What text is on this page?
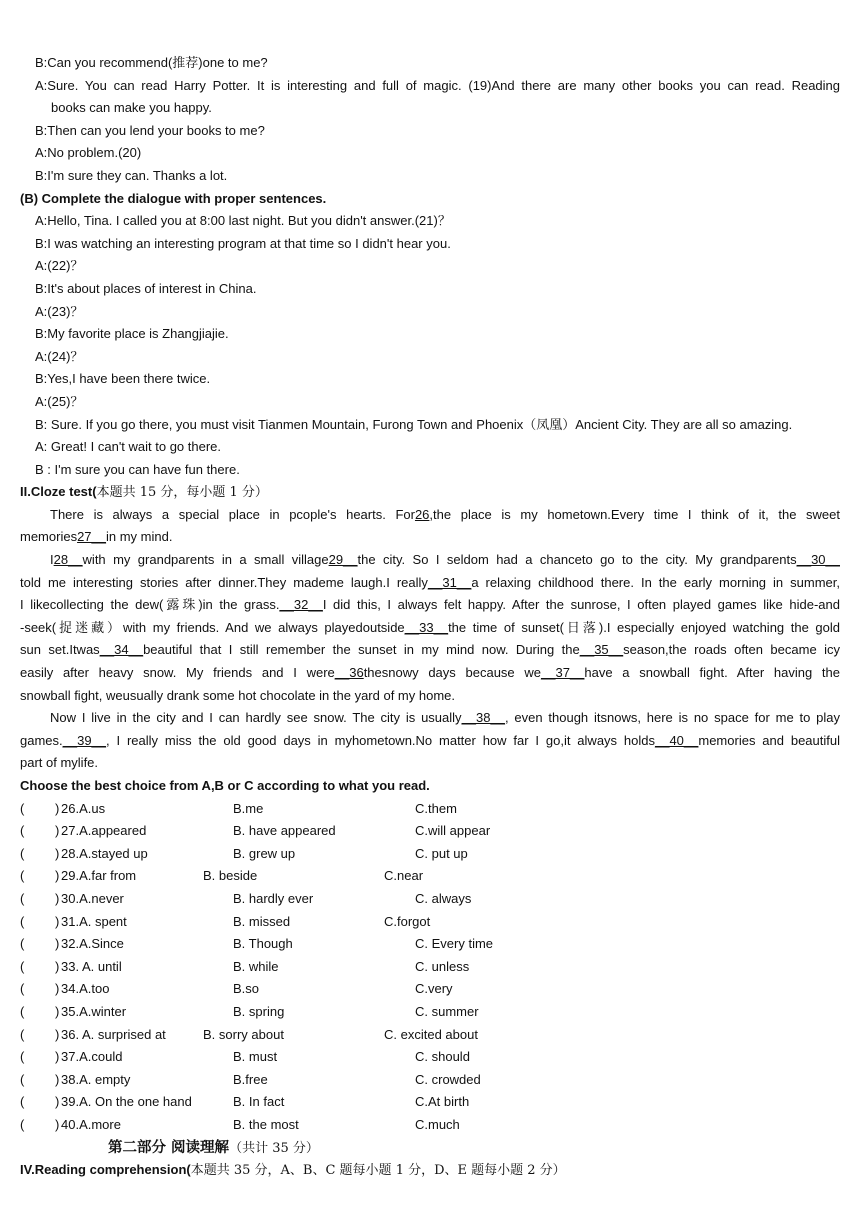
B:Can you recommend(推荐)one to me?
A:Sure. You can read Harry Potter. It is interesting and full of magic. (19)And there are many other books you can read. Reading
books can make you happy.
B:Then can you lend your books to me?
A:No problem.(20)
B:I'm sure they can. Thanks a lot.
(B) Complete the dialogue with proper sentences.
A:Hello, Tina. I called you at 8:00 last night. But you didn't answer.(21)？
B:I was watching an interesting program at that time so I didn't hear you.
A:(22)？
B:It's about places of interest in China.
A:(23)？
B:My favorite place is Zhangjiajie.
A:(24)？
B:Yes,I have been there twice.
A:(25)？
B: Sure. If you go there, you must visit Tianmen Mountain, Furong Town and Phoenix（凤凰）Ancient City. They are all so amazing.
A: Great! I can't wait to go there.
B : I'm sure you can have fun there.
II.Cloze test(本题共 15 分，每小题 1 分）
There is always a special place in pcople's hearts. For26,the place is my hometown.Every time I think of it, the sweet
memories27__in my mind.
I28__with my grandparents in a small village29__the city. So I seldom had a chanceto go to the city. My grandparents__30__
told me interesting stories after dinner.They mademe laugh.I really__31__a relaxing childhood there. In the early morning in summer,
I likecollecting the dew(露珠)in the grass.__32__I did this, I always felt happy. After the sunrose, I often played games like hide-and
-seek(捉迷藏）with my friends. And we always playedoutside__33__the time of sunset(日落).I especially enjoyed watching the gold
sun set.Itwas__34__beautiful that I still remember the sunset in my mind now. During the__35__season,the roads often became icy
easily after heavy snow. My friends and I were__36thesnowy days because we__37__have a snowball fight. After having the
snowball fight, weusually drank some hot chocolate in the yard of my home.
Now I live in the city and I can hardly see snow. The city is usually__38__, even though itsnows, here is no space for me to play
games.__39__, I really miss the old good days in myhometown.No matter how far I go,it always holds__40__memories and beautiful
part of mylife.
Choose the best choice from A,B or C according to what you read.
( ) 26.A.us	B.me	C.them
( ) 27.A.appeared	B. have appeared	C.will appear
( ) 28.A.stayed up	B. grew up	C. put up
( ) 29.A.far from	B. beside	C.near
( ) 30.A.never	B. hardly ever	C. always
( ) 31.A. spent	B. missed	C.forgot
( ) 32.A.Since	B. Though	C. Every time
( ) 33. A. until	B. while	C. unless
( ) 34.A.too	B.so	C.very
( ) 35.A.winter	B. spring	C. summer
( ) 36. A. surprised at	B. sorry about	C. excited about
( ) 37.A.could	B. must	C. should
( ) 38.A. empty	B.free	C. crowded
( ) 39.A. On the one hand	B. In fact	C.At birth
( ) 40.A.more	B. the most	C.much
第二部分 阅读理解（共计 35 分）
IV.Reading comprehension(本题共 35 分，A、B、C 题每小题 1 分，D、E 题每小题 2 分）
